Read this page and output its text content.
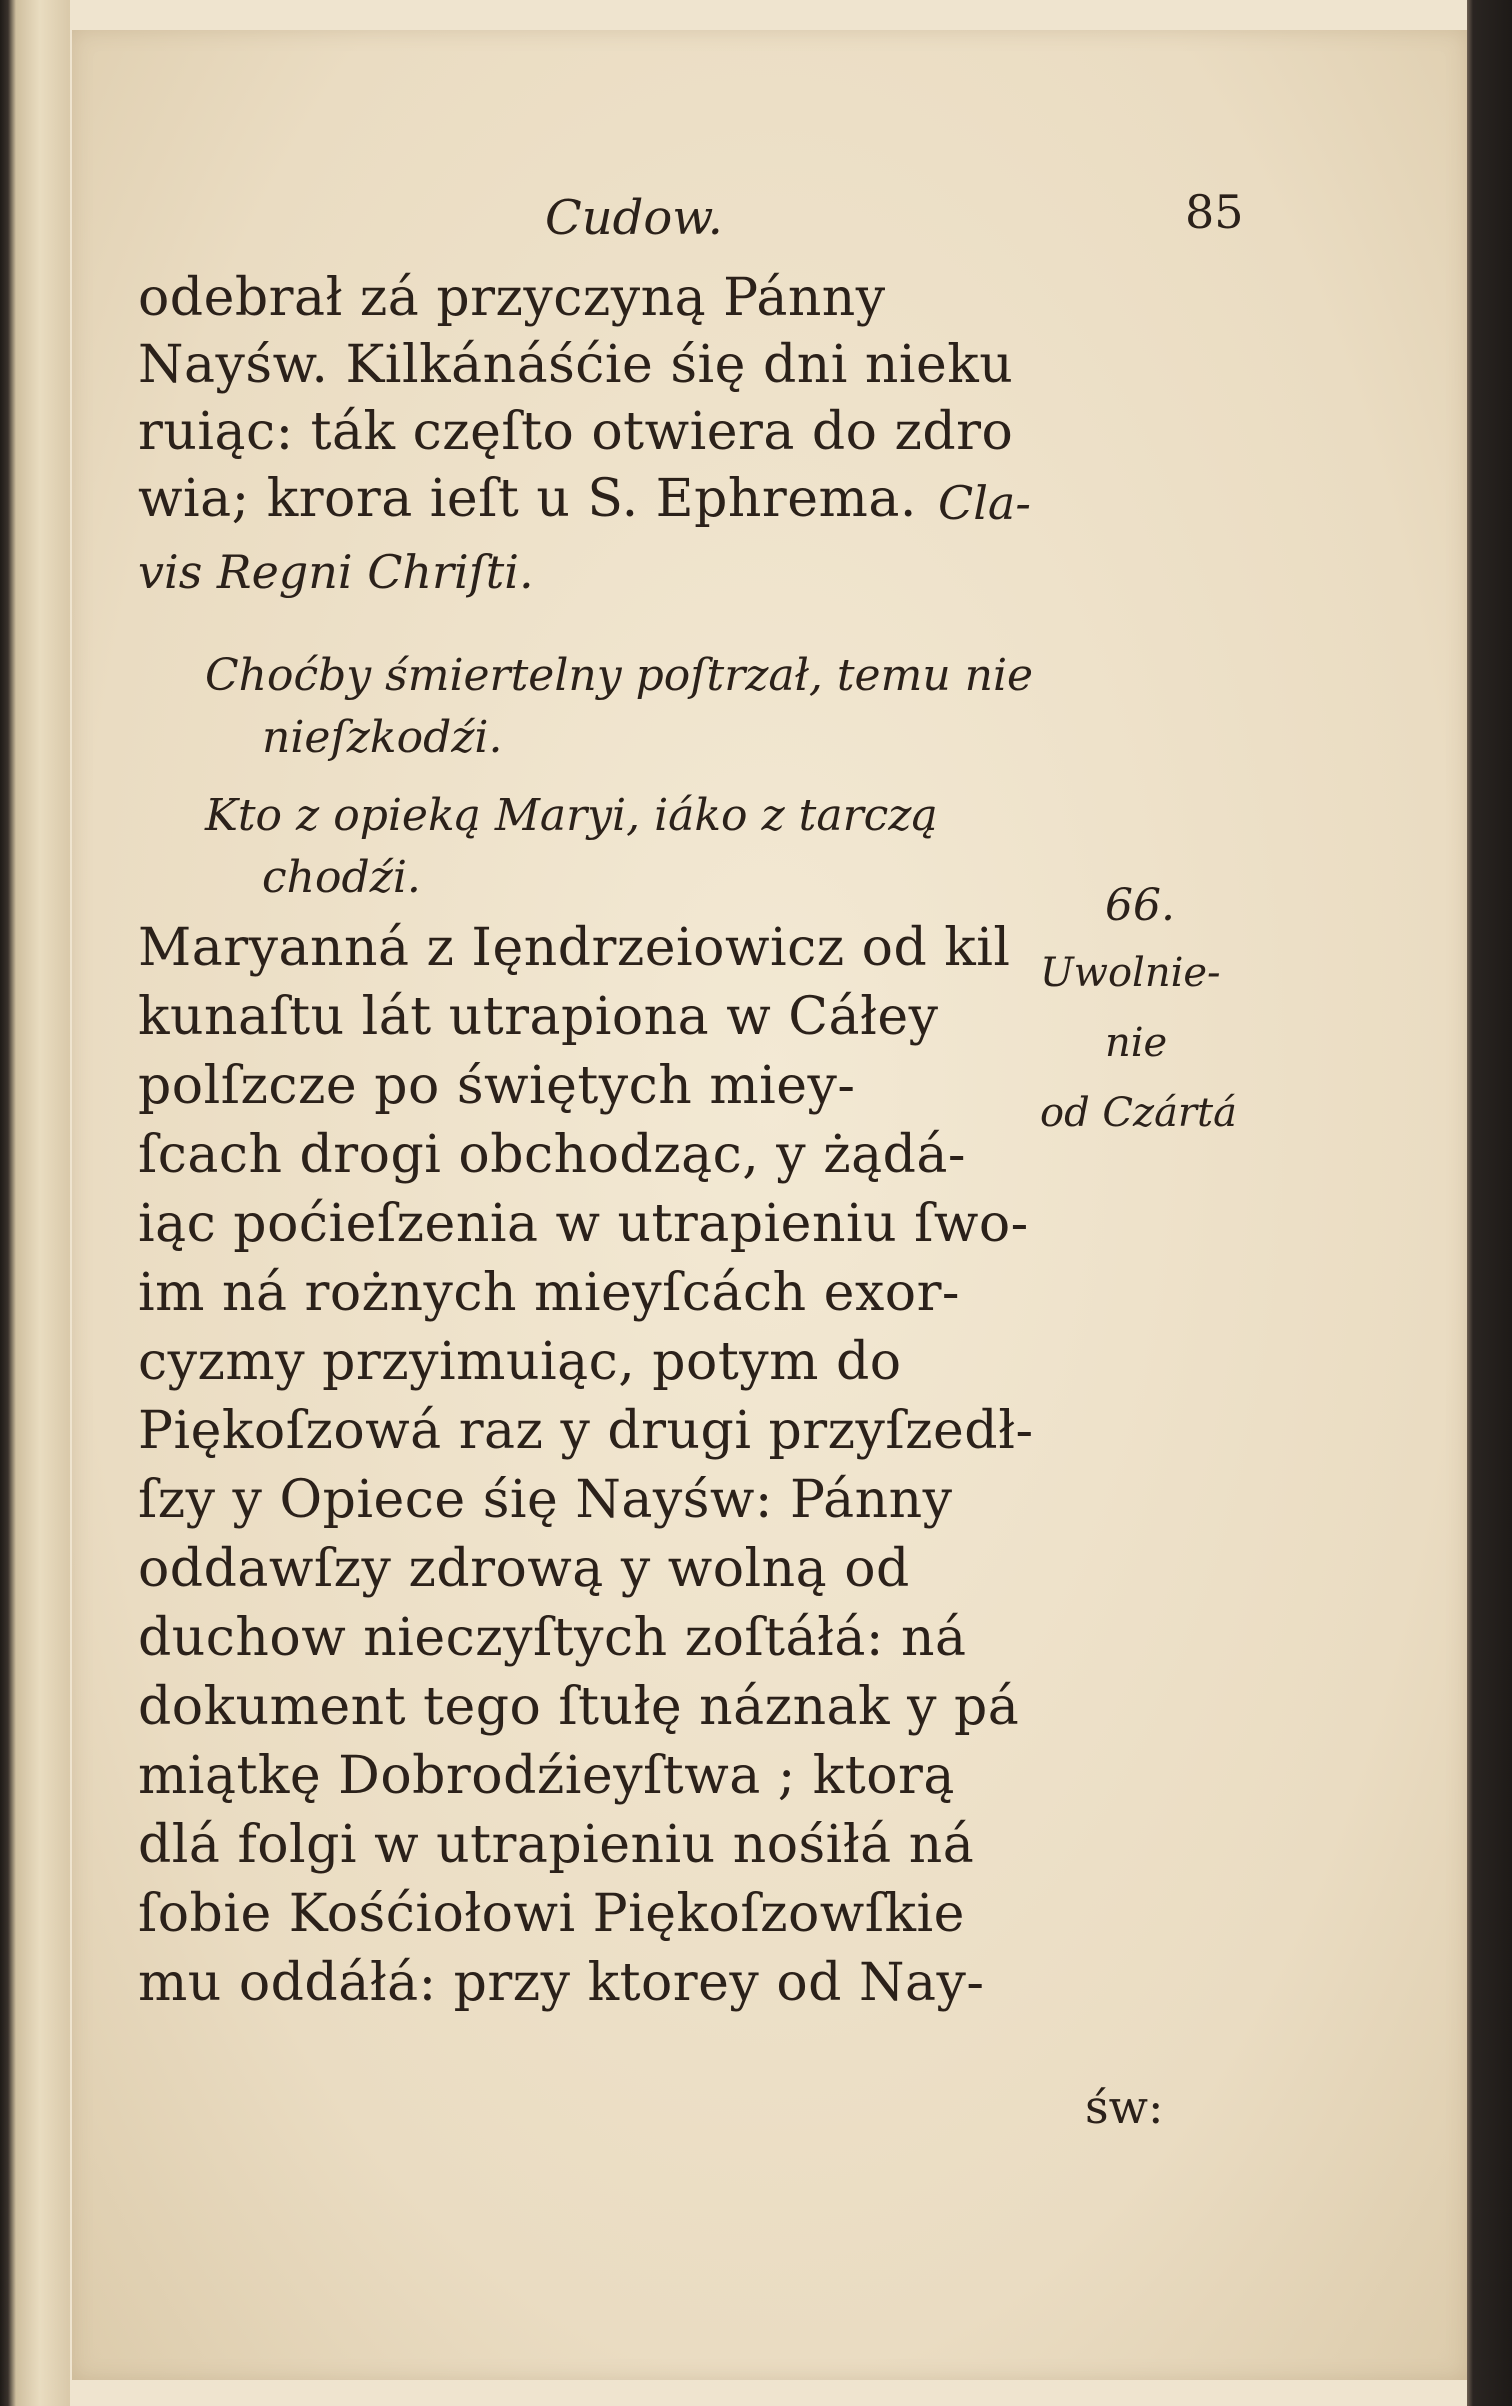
Cudow.	85
odebrał zá przyczyną Pánny
Nayśw. Kilkánáśćie śię dni nieku
ruiąc: ták częſto otwiera do zdro
wia; krora ieſt u S. Ephrema. Cla-
vis Regni Chriſti.
Choćby śmiertelny poſtrzał, temu nie
nieſzkodźi.
Kto z opieką Maryi, iáko z tarczą
chodźi.
Maryanná z Ięndrzeiowicz od kil
kunaſtu lát utrapiona w Cáłey
polſzcze po świętych miey-
ſcach drogi obchodząc, y żądá-
iąc poćieſzenia w utrapieniu ſwo-
im ná rożnych mieyſcách exor-
cyzmy przyimuiąc, potym do
Piękoſzowá raz y drugi przyſzedł-
ſzy y Opiece śię Nayśw: Pánny
oddawſzy zdrową y wolną od
duchow nieczyſtych zoſtáłá: ná
dokument tego ſtułę náznak y pá
miątkę Dobrodźieyſtwa ; ktorą
dlá folgi w utrapieniu nośiłá ná
ſobie Kośćiołowi Piękoſzowſkie
mu oddáłá: przy ktorey od Nay-
66.
Uwolnie-
nie
od Czártá
św:
